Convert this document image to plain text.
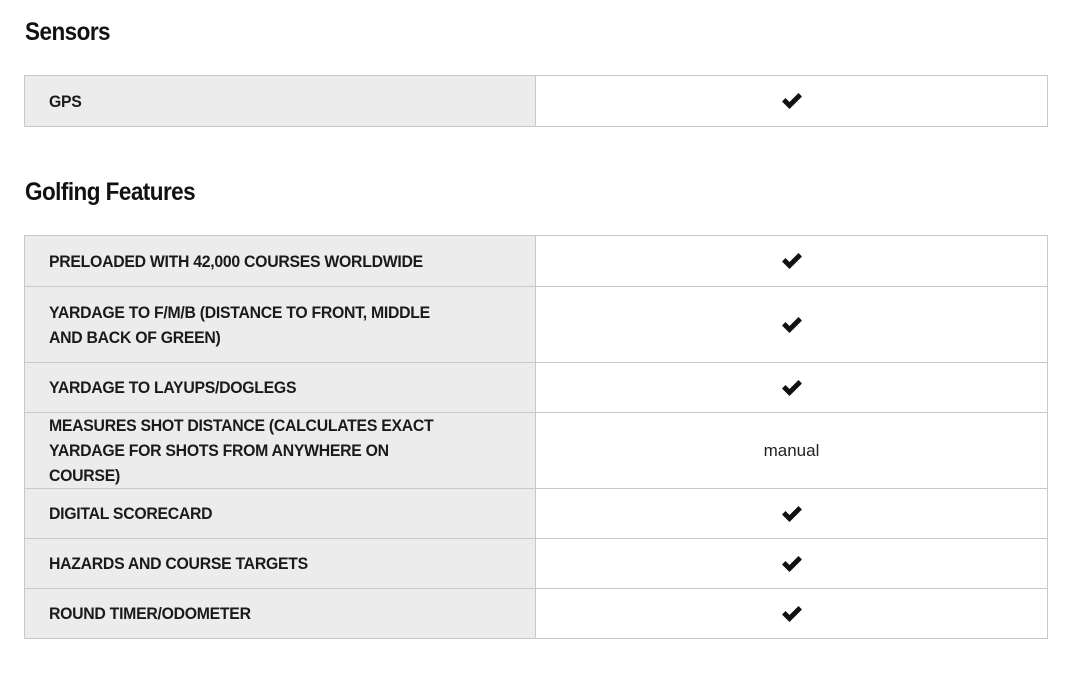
Sensors
GPS
Golfing Features
PRELOADED WITH 42,000 COURSES WORLDWIDE
YARDAGE TO F/M/B (DISTANCE TO FRONT, MIDDLE AND BACK OF GREEN)
YARDAGE TO LAYUPS/DOGLEGS
MEASURES SHOT DISTANCE (CALCULATES EXACT YARDAGE FOR SHOTS FROM ANYWHERE ON COURSE)
manual
DIGITAL SCORECARD
HAZARDS AND COURSE TARGETS
ROUND TIMER/ODOMETER
